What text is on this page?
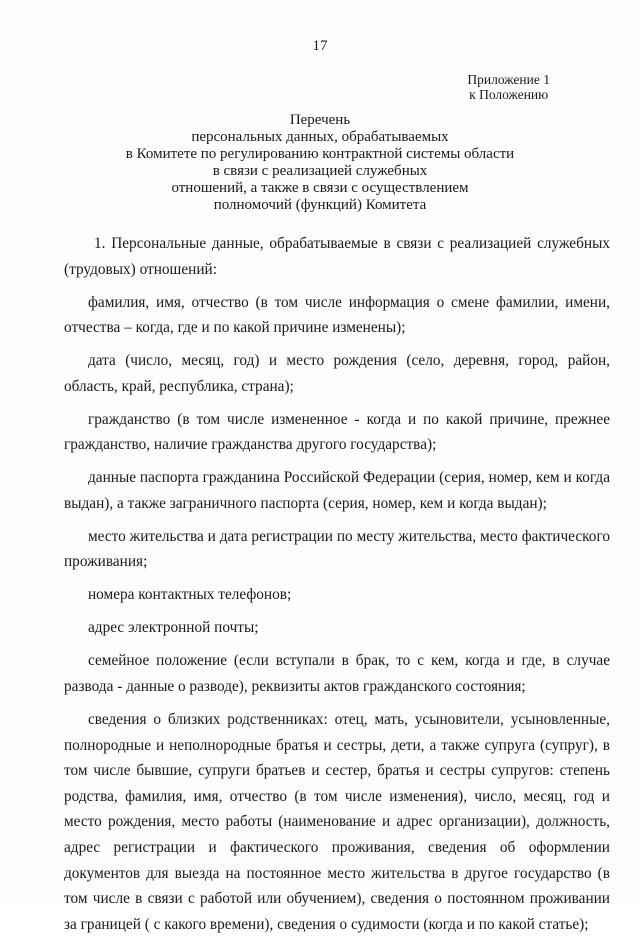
17
Приложение 1
к Положению
Перечень
персональных данных, обрабатываемых
в Комитете по регулированию контрактной системы области
в связи с реализацией служебных
отношений, а также в связи с осуществлением
полномочий (функций) Комитета

1. Персональные данные, обрабатываемые в связи с реализацией служебных (трудовых) отношений:

фамилия, имя, отчество (в том числе информация о смене фамилии, имени, отчества – когда, где и по какой причине изменены);

дата (число, месяц, год) и место рождения (село, деревня, город, район, область, край, республика, страна);

гражданство (в том числе измененное - когда и по какой причине, прежнее гражданство, наличие гражданства другого государства);

данные паспорта гражданина Российской Федерации (серия, номер, кем и когда выдан), а также заграничного паспорта (серия, номер, кем и когда выдан);

место жительства и дата регистрации по месту жительства, место фактического проживания;

номера контактных телефонов;

адрес электронной почты;

семейное положение (если вступали в брак, то с кем, когда и где, в случае развода - данные о разводе), реквизиты актов гражданского состояния;

сведения о близких родственниках: отец, мать, усыновители, усыновленные, полнородные и неполнородные братья и сестры, дети, а также супруга (супруг), в том числе бывшие, супруги братьев и сестер, братья и сестры супругов: степень родства, фамилия, имя, отчество (в том числе изменения), число, месяц, год и место рождения, место работы (наименование и адрес организации), должность, адрес регистрации и фактического проживания, сведения об оформлении документов для выезда на постоянное место жительства в другое государство (в том числе в связи с работой или обучением), сведения о постоянном проживании за границей ( с какого времени), сведения о судимости (когда и по какой статье);
